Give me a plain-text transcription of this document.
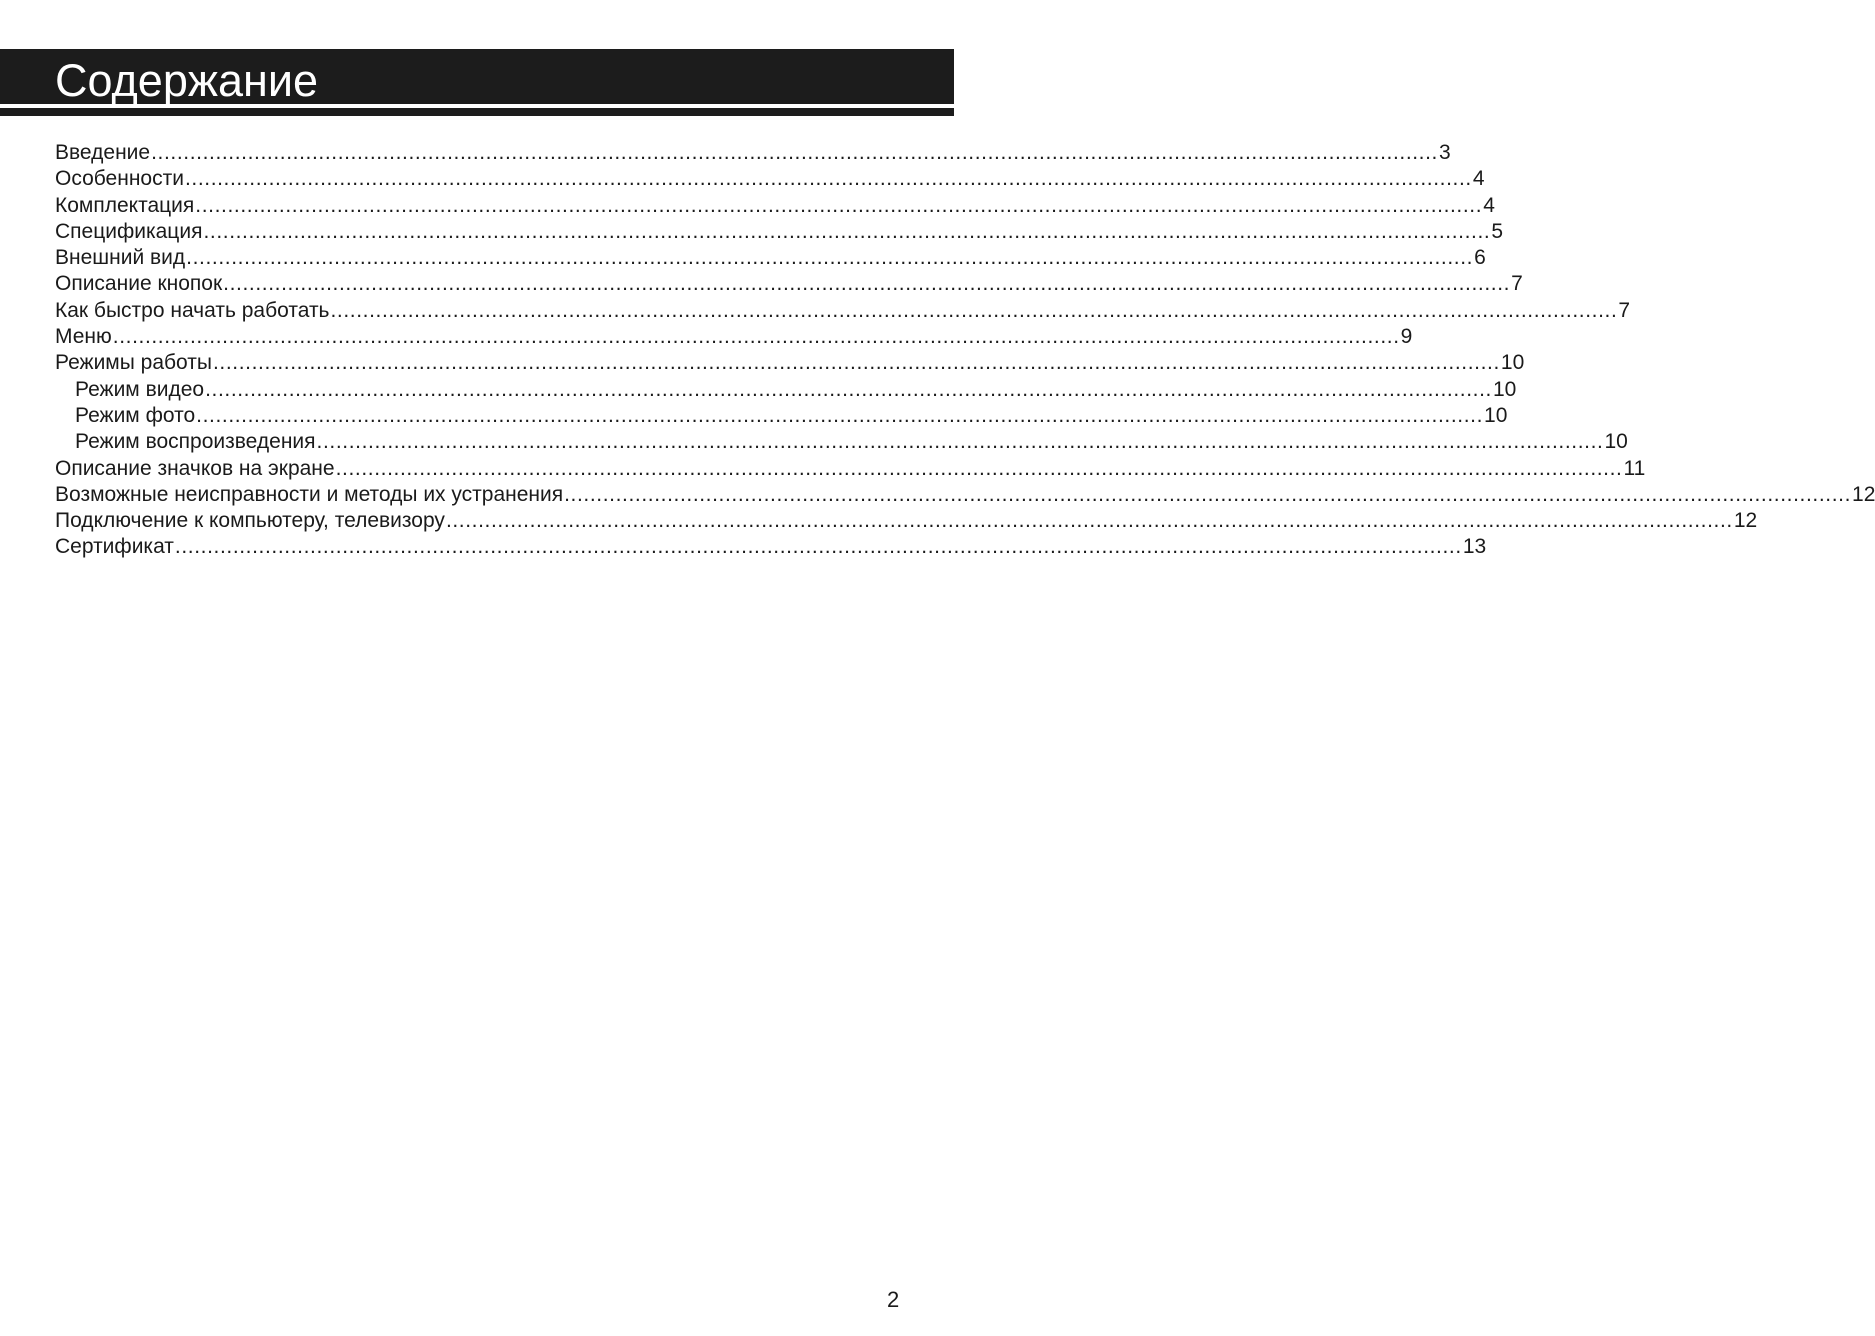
Содержание
Введение ........................................................................................................................................................................................................ 3
Особенности ........................................................................................................................................................................................................ 4
Комплектация ........................................................................................................................................................................................................ 4
Спецификация ........................................................................................................................................................................................................ 5
Внешний вид ........................................................................................................................................................................................................ 6
Описание кнопок ........................................................................................................................................................................................................ 7
Как быстро начать работать ........................................................................................................................................................................................................ 7
Меню ........................................................................................................................................................................................................ 9
Режимы работы ........................................................................................................................................................................................................ 10
Режим видео ........................................................................................................................................................................................................ 10
Режим фото ........................................................................................................................................................................................................ 10
Режим воспроизведения ........................................................................................................................................................................................................ 10
Описание значков на экране ........................................................................................................................................................................................................ 11
Возможные неисправности и методы их устранения ........................................................................................................................................................................................................ 12
Подключение к компьютеру, телевизору ........................................................................................................................................................................................................ 12
Сертификат ........................................................................................................................................................................................................ 13
2
